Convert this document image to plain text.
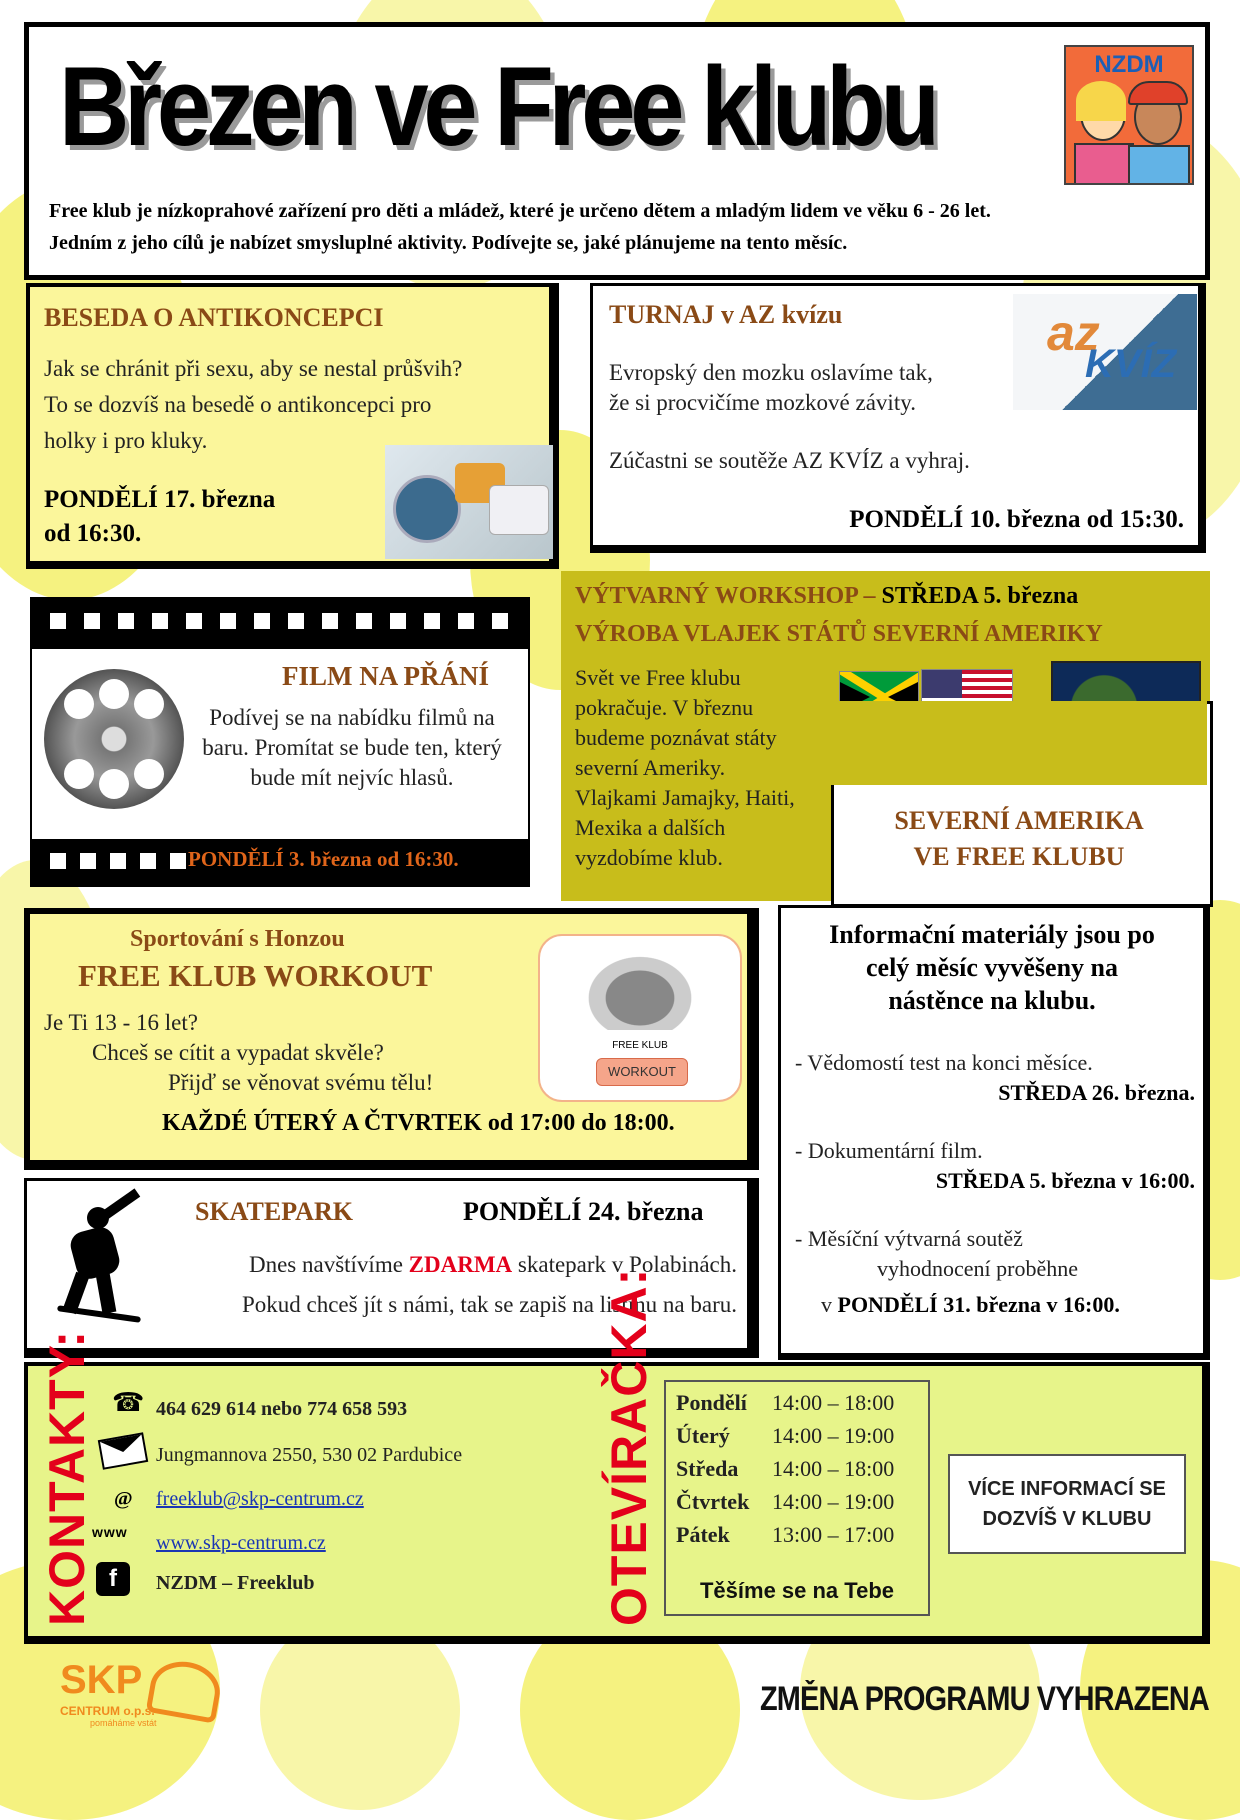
Březen ve Free klubu	NZDM
Free klub je nízkoprahové zařízení pro děti a mládež, které je určeno dětem a mladým lidem ve věku 6 - 26 let.
Jedním z jeho cílů je nabízet smysluplné aktivity. Podívejte se, jaké plánujeme na tento měsíc.
BESEDA O ANTIKONCEPCI
Jak se chránit při sexu, aby se nestal průšvih?
To se dozvíš na besedě o antikoncepci pro
holky i pro kluky.
PONDĚLÍ 17. března
od 16:30.
TURNAJ v AZ kvízu	az
KVÍZ
Evropský den mozku oslavíme tak,
že si procvičíme mozkové závity.
Zúčastni se soutěže AZ KVÍZ a vyhraj.
PONDĚLÍ 10. března od 15:30.
FILM NA PŘÁNÍ
Podívej se na nabídku filmů na
baru. Promítat se bude ten, který
bude mít nejvíc hlasů.
PONDĚLÍ 3. března od 16:30.
VÝTVARNÝ WORKSHOP – STŘEDA 5. března
VÝROBA VLAJEK STÁTŮ SEVERNÍ AMERIKY
Svět ve Free klubu
pokračuje. V březnu
budeme poznávat státy
severní Ameriky.
Vlajkami Jamajky, Haiti,
Mexika a dalších
vyzdobíme klub.
SEVERNÍ AMERIKA
VE FREE KLUBU
Sportování s Honzou
FREE KLUB WORKOUT
Je Ti 13 - 16 let?
Chceš se cítit a vypadat skvěle?
Přijď se věnovat svému tělu!
KAŽDÉ ÚTERÝ A ČTVRTEK od 17:00 do 18:00.
FREE KLUB
WORKOUT
Informační materiály jsou po
celý měsíc vyvěšeny na
nástěnce na klubu.
- Vědomostí test na konci měsíce.
STŘEDA 26. března.
- Dokumentární film.
STŘEDA 5. března v 16:00.
- Měsíční výtvarná soutěž
vyhodnocení proběhne
v PONDĚLÍ 31. března v 16:00.
SKATEPARK	PONDĚLÍ 24. března
Dnes navštívíme ZDARMA skatepark v Polabinách.
Pokud chceš jít s námi, tak se zapiš na listinu na baru.
KONTAKTY: ☎ 464 629 614 nebo 774 658 593
Jungmannova 2550, 530 02 Pardubice
@ freeklub@skp-centrum.cz
www www.skp-centrum.cz
f	NZDM – Freeklub	OTEVÍRAČKA: Pondělí 14:00 – 18:00
Úterý 14:00 – 19:00
Středa 14:00 – 18:00
Čtvrtek 14:00 – 19:00
Pátek 13:00 – 17:00
Těšíme se na Tebe
VÍCE INFORMACÍ SE
DOZVÍŠ V KLUBU
SKP
CENTRUM o.p.s.
pomáháme vstát
ZMĚNA PROGRAMU VYHRAZENA
